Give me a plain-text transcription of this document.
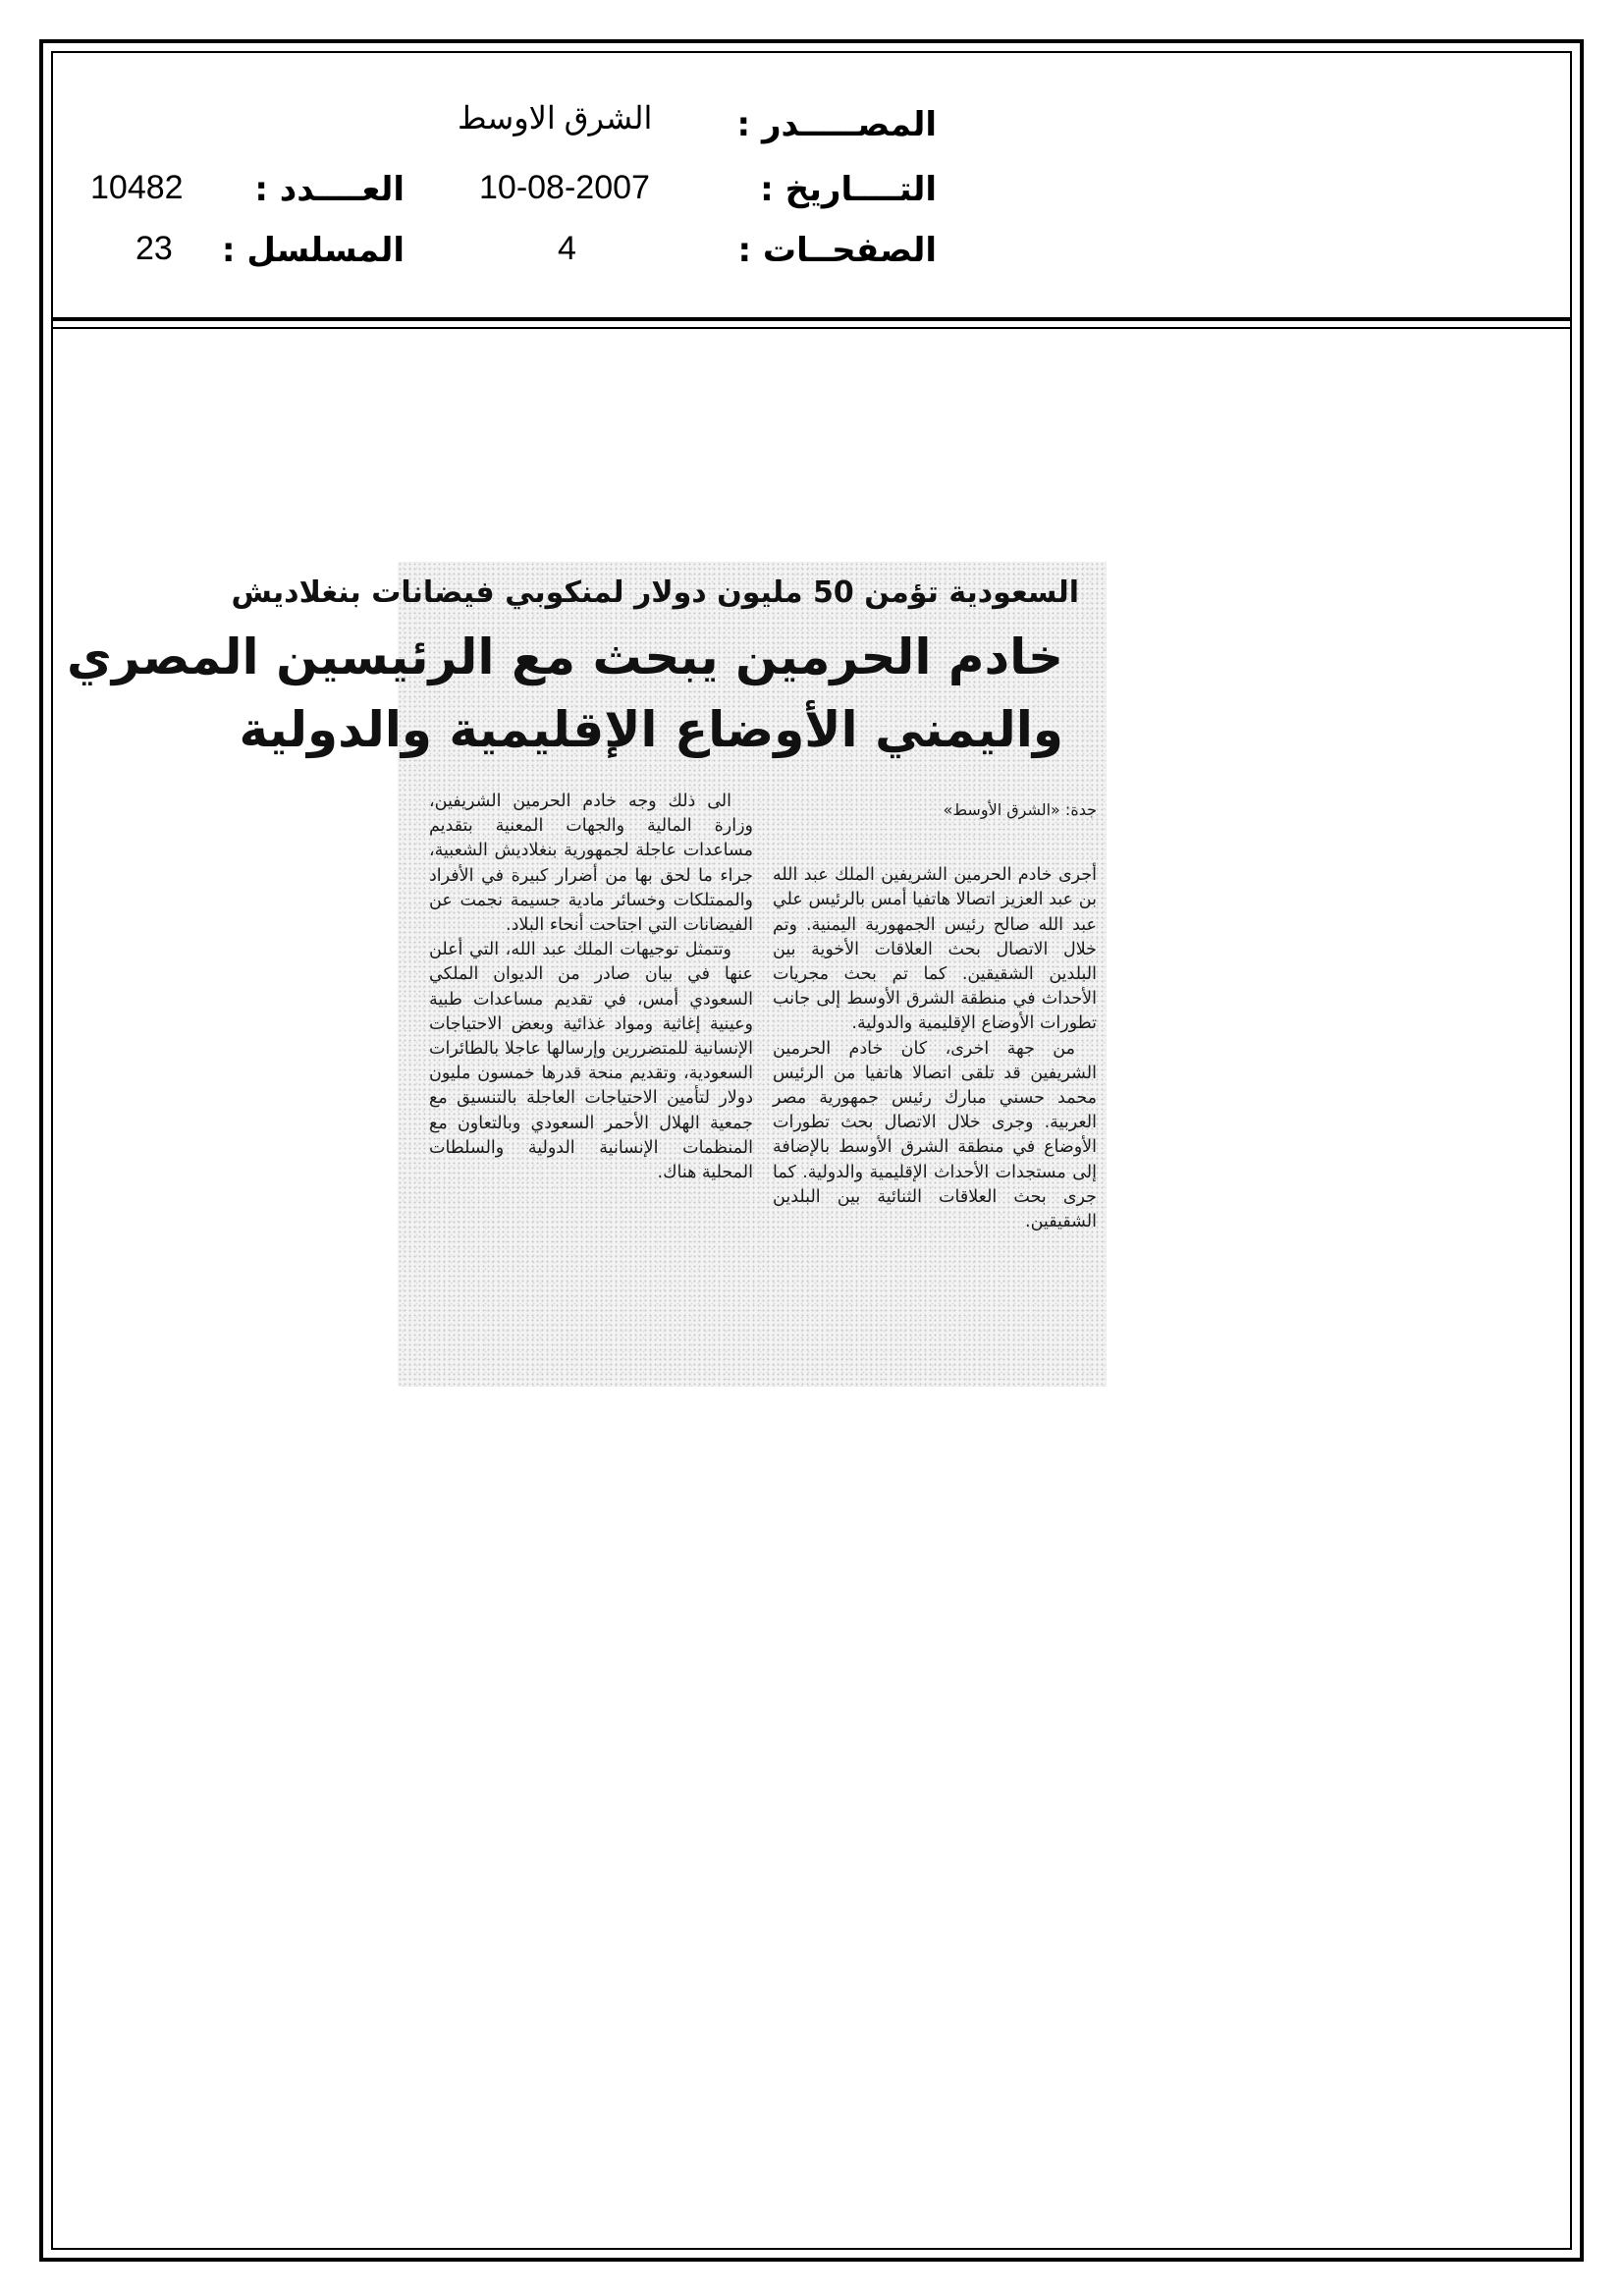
الشرق الاوسط	المصـــــدر :
10482 العــــدد : 10-08-2007	التــــاريخ :
23 المسلسل :	4	الصفحــات :
السعودية تؤمن 50 مليون دولار لمنكوبي فيضانات بنغلاديش
خادم الحرمين يبحث مع الرئيسين المصري
واليمني الأوضاع الإقليمية والدولية

جدة: «الشرق الأوسط»

أجرى خادم الحرمين الشريفين الملك عبد الله بن عبد العزيز اتصالا هاتفيا أمس بالرئيس علي عبد الله صالح رئيس الجمهورية اليمنية. وتم خلال الاتصال بحث العلاقات الأخوية بين البلدين الشقيقين. كما تم بحث مجريات الأحداث في منطقة الشرق الأوسط إلى جانب تطورات الأوضاع الإقليمية والدولية.

من جهة اخرى، كان خادم الحرمين الشريفين قد تلقى اتصالا هاتفيا من الرئيس محمد حسني مبارك رئيس جمهورية مصر العربية. وجرى خلال الاتصال بحث تطورات الأوضاع في منطقة الشرق الأوسط بالإضافة إلى مستجدات الأحداث الإقليمية والدولية. كما جرى بحث العلاقات الثنائية بين البلدين الشقيقين.

الى ذلك وجه خادم الحرمين الشريفين، وزارة المالية والجهات المعنية بتقديم مساعدات عاجلة لجمهورية بنغلاديش الشعبية، جراء ما لحق بها من أضرار كبيرة في الأفراد والممتلكات وخسائر مادية جسيمة نجمت عن الفيضانات التي اجتاحت أنحاء البلاد.

وتتمثل توجيهات الملك عبد الله، التي أعلن عنها في بيان صادر من الديوان الملكي السعودي أمس، في تقديم مساعدات طبية وعينية إغاثية ومواد غذائية وبعض الاحتياجات الإنسانية للمتضررين وإرسالها عاجلا بالطائرات السعودية، وتقديم منحة قدرها خمسون مليون دولار لتأمين الاحتياجات العاجلة بالتنسيق مع جمعية الهلال الأحمر السعودي وبالتعاون مع المنظمات الإنسانية الدولية والسلطات المحلية هناك.
